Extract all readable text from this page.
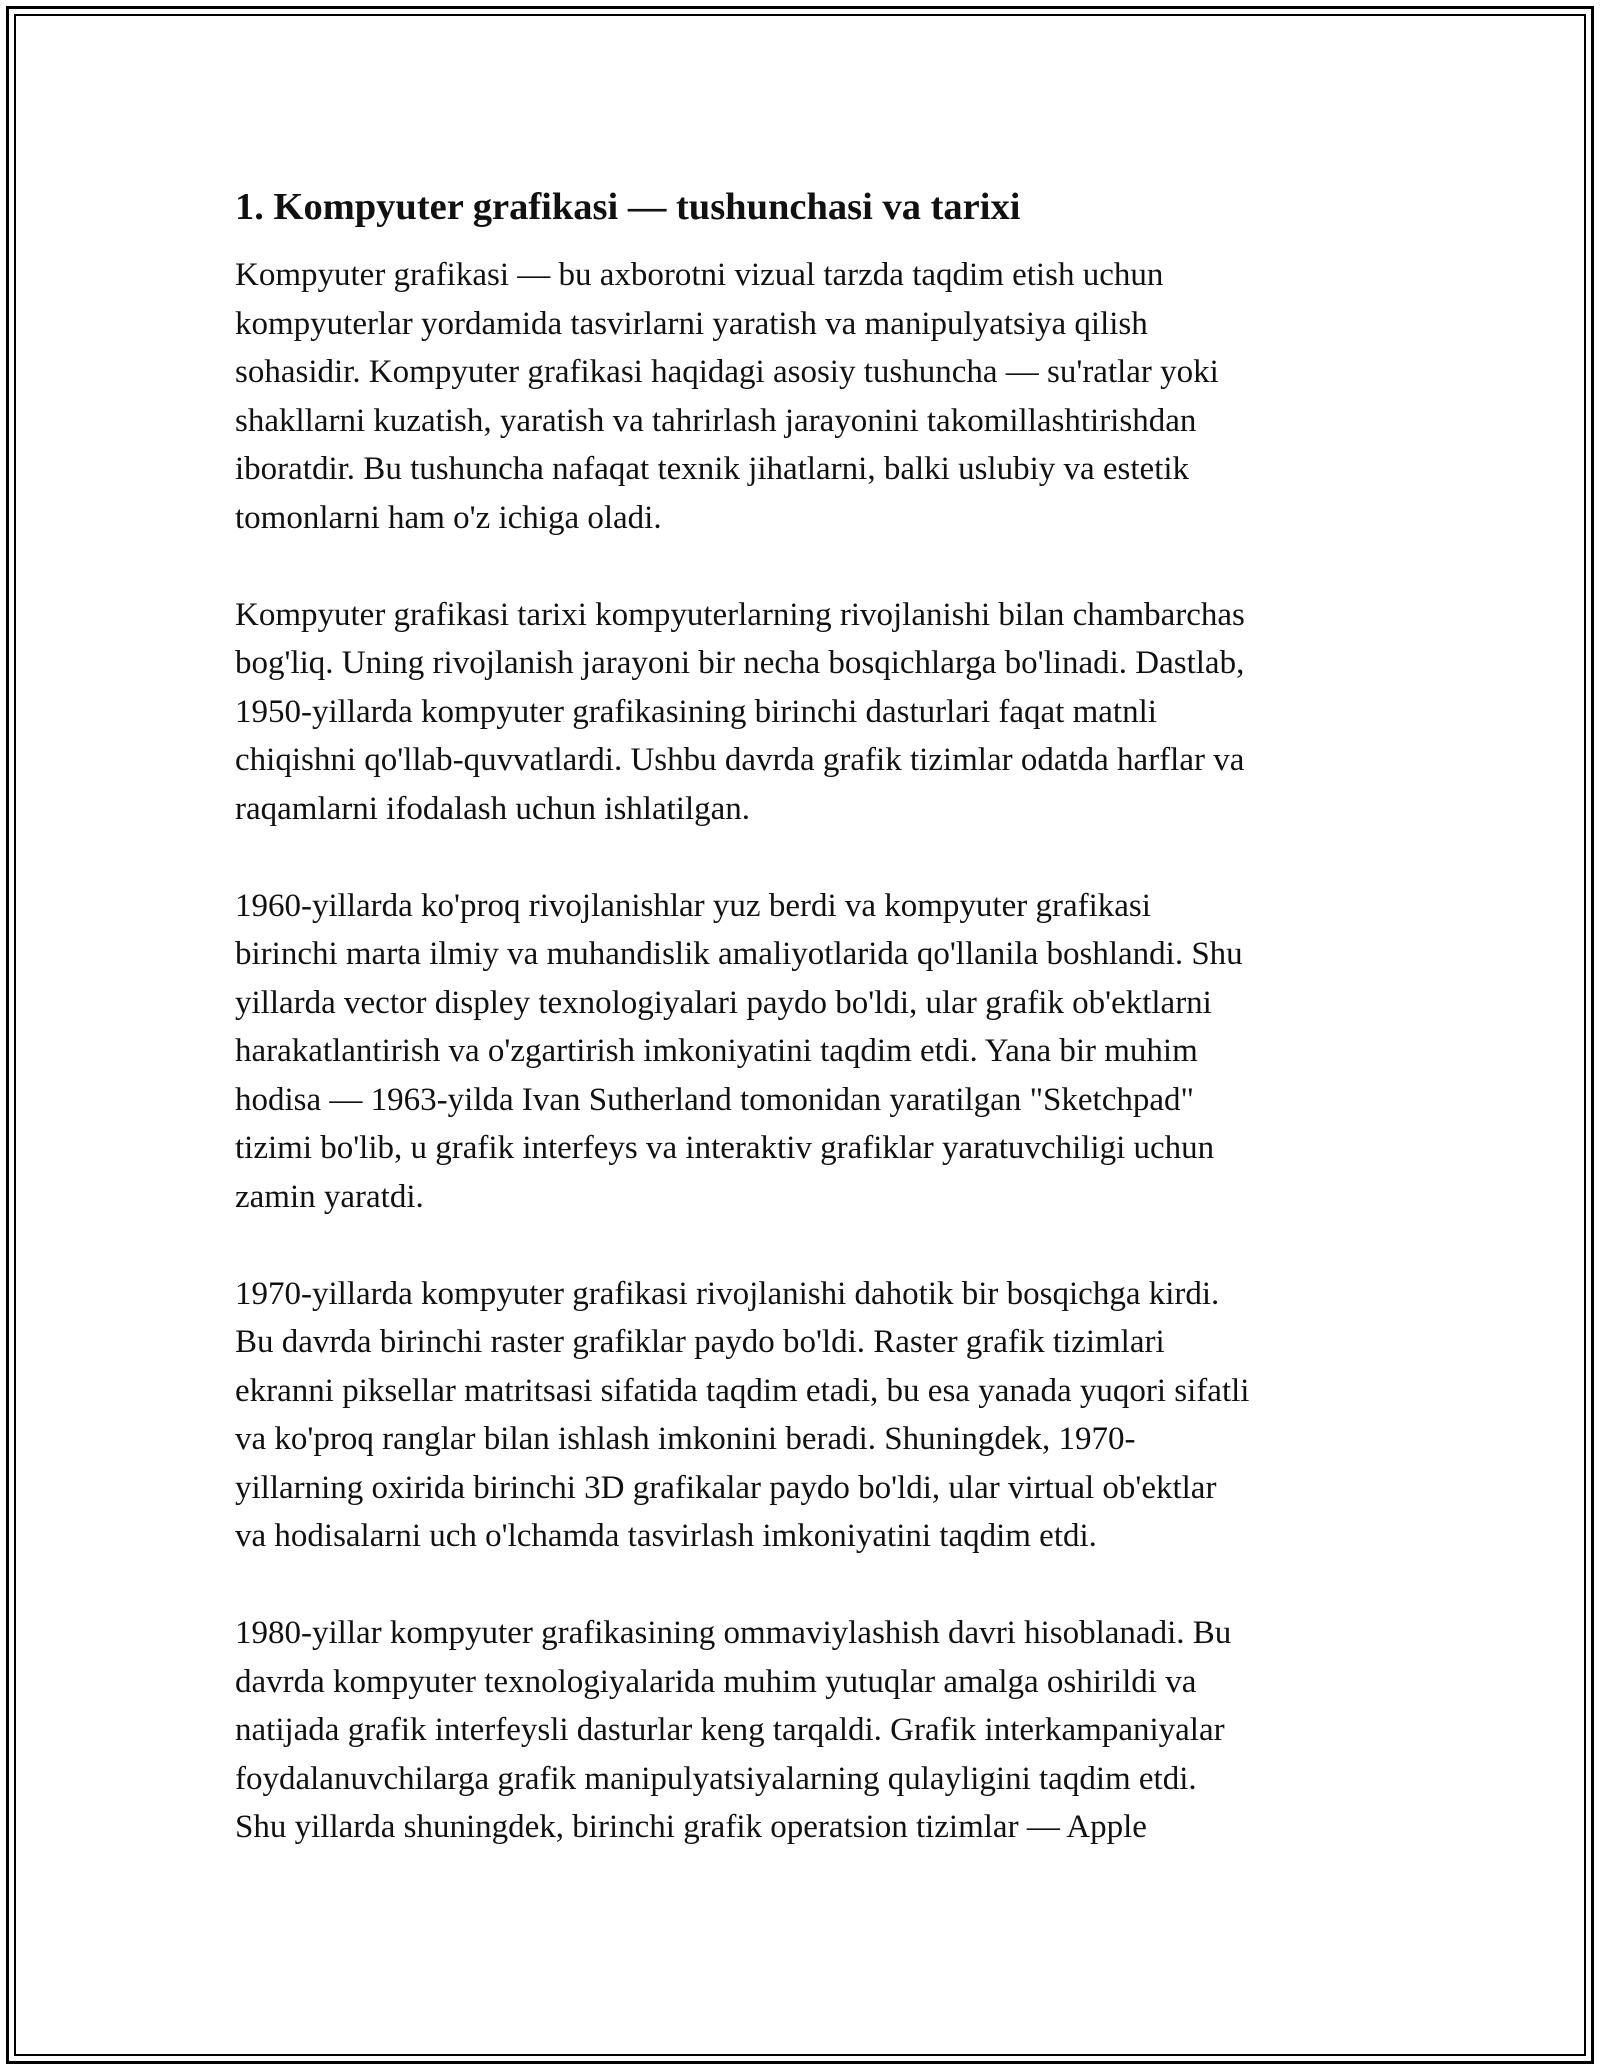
1. Kompyuter grafikasi — tushunchasi va tarixi

Kompyuter grafikasi — bu axborotni vizual tarzda taqdim etish uchun
kompyuterlar yordamida tasvirlarni yaratish va manipulyatsiya qilish
sohasidir. Kompyuter grafikasi haqidagi asosiy tushuncha — su'ratlar yoki
shakllarni kuzatish, yaratish va tahrirlash jarayonini takomillashtirishdan
iboratdir. Bu tushuncha nafaqat texnik jihatlarni, balki uslubiy va estetik
tomonlarni ham o'z ichiga oladi.

Kompyuter grafikasi tarixi kompyuterlarning rivojlanishi bilan chambarchas
bog'liq. Uning rivojlanish jarayoni bir necha bosqichlarga bo'linadi. Dastlab,
1950-yillarda kompyuter grafikasining birinchi dasturlari faqat matnli
chiqishni qo'llab-quvvatlardi. Ushbu davrda grafik tizimlar odatda harflar va
raqamlarni ifodalash uchun ishlatilgan.

1960-yillarda ko'proq rivojlanishlar yuz berdi va kompyuter grafikasi
birinchi marta ilmiy va muhandislik amaliyotlarida qo'llanila boshlandi. Shu
yillarda vector displey texnologiyalari paydo bo'ldi, ular grafik ob'ektlarni
harakatlantirish va o'zgartirish imkoniyatini taqdim etdi. Yana bir muhim
hodisa — 1963-yilda Ivan Sutherland tomonidan yaratilgan "Sketchpad"
tizimi bo'lib, u grafik interfeys va interaktiv grafiklar yaratuvchiligi uchun
zamin yaratdi.

1970-yillarda kompyuter grafikasi rivojlanishi dahotik bir bosqichga kirdi.
Bu davrda birinchi raster grafiklar paydo bo'ldi. Raster grafik tizimlari
ekranni piksellar matritsasi sifatida taqdim etadi, bu esa yanada yuqori sifatli
va ko'proq ranglar bilan ishlash imkonini beradi. Shuningdek, 1970-
yillarning oxirida birinchi 3D grafikalar paydo bo'ldi, ular virtual ob'ektlar
va hodisalarni uch o'lchamda tasvirlash imkoniyatini taqdim etdi.

1980-yillar kompyuter grafikasining ommaviylashish davri hisoblanadi. Bu
davrda kompyuter texnologiyalarida muhim yutuqlar amalga oshirildi va
natijada grafik interfeysli dasturlar keng tarqaldi. Grafik interkampaniyalar
foydalanuvchilarga grafik manipulyatsiyalarning qulayligini taqdim etdi.
Shu yillarda shuningdek, birinchi grafik operatsion tizimlar — Apple
